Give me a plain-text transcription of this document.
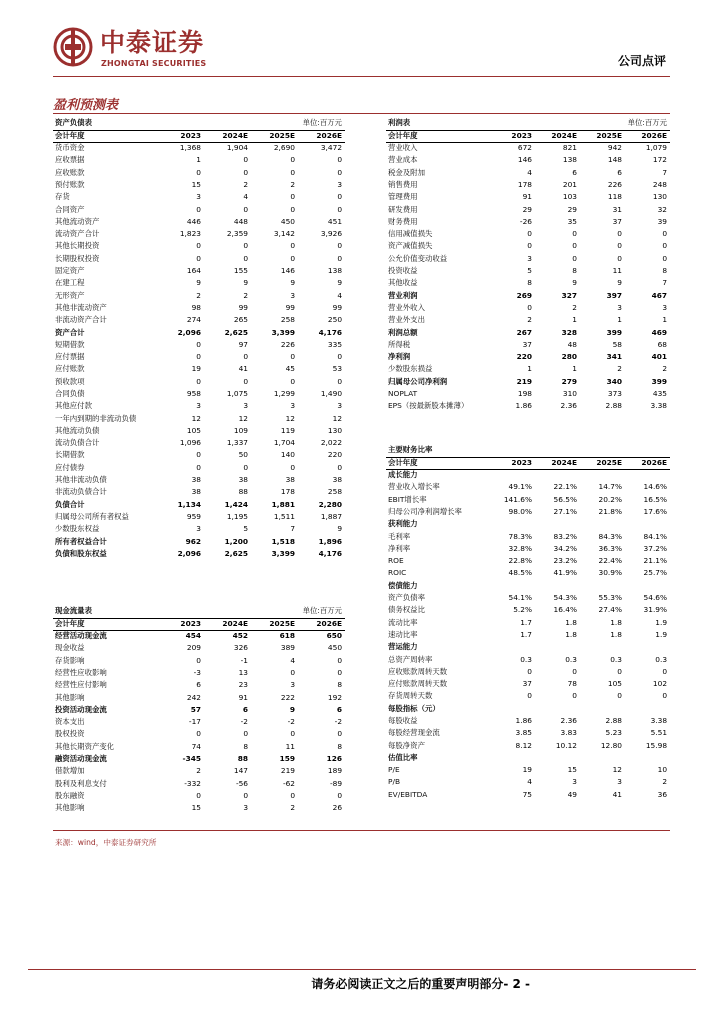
中泰证券
ZHONGTAI SECURITIES	公司点评
盈利预测表
资产负债表			单位:百万元	
会计年度	2023	2024E	2025E	2026E
货币资金	1,368	1,904	2,690	3,472
应收票据	1	0	0	0
应收账款	0	0	0	0
预付账款	15	2	2	3
存货	3	4	0	0
合同资产	0	0	0	0
其他流动资产	446	448	450	451
流动资产合计	1,823	2,359	3,142	3,926
其他长期投资	0	0	0	0
长期股权投资	0	0	0	0
固定资产	164	155	146	138
在建工程	9	9	9	9
无形资产	2	2	3	4
其他非流动资产	98	99	99	99
非流动资产合计	274	265	258	250
资产合计	2,096	2,625	3,399	4,176
短期借款	0	97	226	335
应付票据	0	0	0	0
应付账款	19	41	45	53
预收款项	0	0	0	0
合同负债	958	1,075	1,299	1,490
其他应付款	3	3	3	3
一年内到期的非流动负债	12	12	12	12
其他流动负债	105	109	119	130
流动负债合计	1,096	1,337	1,704	2,022
长期借款	0	50	140	220
应付债券	0	0	0	0
其他非流动负债	38	38	38	38
非流动负债合计	38	88	178	258
负债合计	1,134	1,424	1,881	2,280
归属母公司所有者权益	959	1,195	1,511	1,887
少数股东权益	3	5	7	9
所有者权益合计	962	1,200	1,518	1,896
负债和股东权益	2,096	2,625	3,399	4,176
利润表			单位:百万元	
会计年度	2023	2024E	2025E	2026E
营业收入	672	821	942	1,079
营业成本	146	138	148	172
税金及附加	4	6	6	7
销售费用	178	201	226	248
管理费用	91	103	118	130
研发费用	29	29	31	32
财务费用	-26	35	37	39
信用减值损失	0	0	0	0
资产减值损失	0	0	0	0
公允价值变动收益	3	0	0	0
投资收益	5	8	11	8
其他收益	8	9	9	7
营业利润	269	327	397	467
营业外收入	0	2	3	3
营业外支出	2	1	1	1
利润总额	267	328	399	469
所得税	37	48	58	68
净利润	220	280	341	401
少数股东损益	1	1	2	2
归属母公司净利润	219	279	340	399
NOPLAT	198	310	373	435
EPS（按最新股本摊薄）	1.86	2.36	2.88	3.38
主要财务比率				
会计年度	2023	2024E	2025E	2026E
成长能力				
营业收入增长率	49.1%	22.1%	14.7%	14.6%
EBIT增长率	141.6%	56.5%	20.2%	16.5%
归母公司净利润增长率	98.0%	27.1%	21.8%	17.6%
获利能力				
毛利率	78.3%	83.2%	84.3%	84.1%
净利率	32.8%	34.2%	36.3%	37.2%
ROE	22.8%	23.2%	22.4%	21.1%
ROIC	48.5%	41.9%	30.9%	25.7%
偿债能力				
资产负债率	54.1%	54.3%	55.3%	54.6%
债务权益比	5.2%	16.4%	27.4%	31.9%
流动比率	1.7	1.8	1.8	1.9
速动比率	1.7	1.8	1.8	1.9
营运能力				
总资产周转率	0.3	0.3	0.3	0.3
应收账款周转天数	0	0	0	0
应付账款周转天数	37	78	105	102
存货周转天数	0	0	0	0
每股指标（元）				
每股收益	1.86	2.36	2.88	3.38
每股经营现金流	3.85	3.83	5.23	5.51
每股净资产	8.12	10.12	12.80	15.98
估值比率				
P/E	19	15	12	10
P/B	4	3	3	2
EV/EBITDA	75	49	41	36
现金流量表			单位:百万元	
会计年度	2023	2024E	2025E	2026E
经营活动现金流	454	452	618	650
现金收益	209	326	389	450
存货影响	0	-1	4	0
经营性应收影响	-3	13	0	0
经营性应付影响	6	23	3	8
其他影响	242	91	222	192
投资活动现金流	57	6	9	6
资本支出	-17	-2	-2	-2
股权投资	0	0	0	0
其他长期资产变化	74	8	11	8
融资活动现金流	-345	88	159	126
借款增加	2	147	219	189
股利及利息支付	-332	-56	-62	-89
股东融资	0	0	0	0
其他影响	15	3	2	26
来源：wind，中泰证券研究所
请务必阅读正文之后的重要声明部分- 2 -
